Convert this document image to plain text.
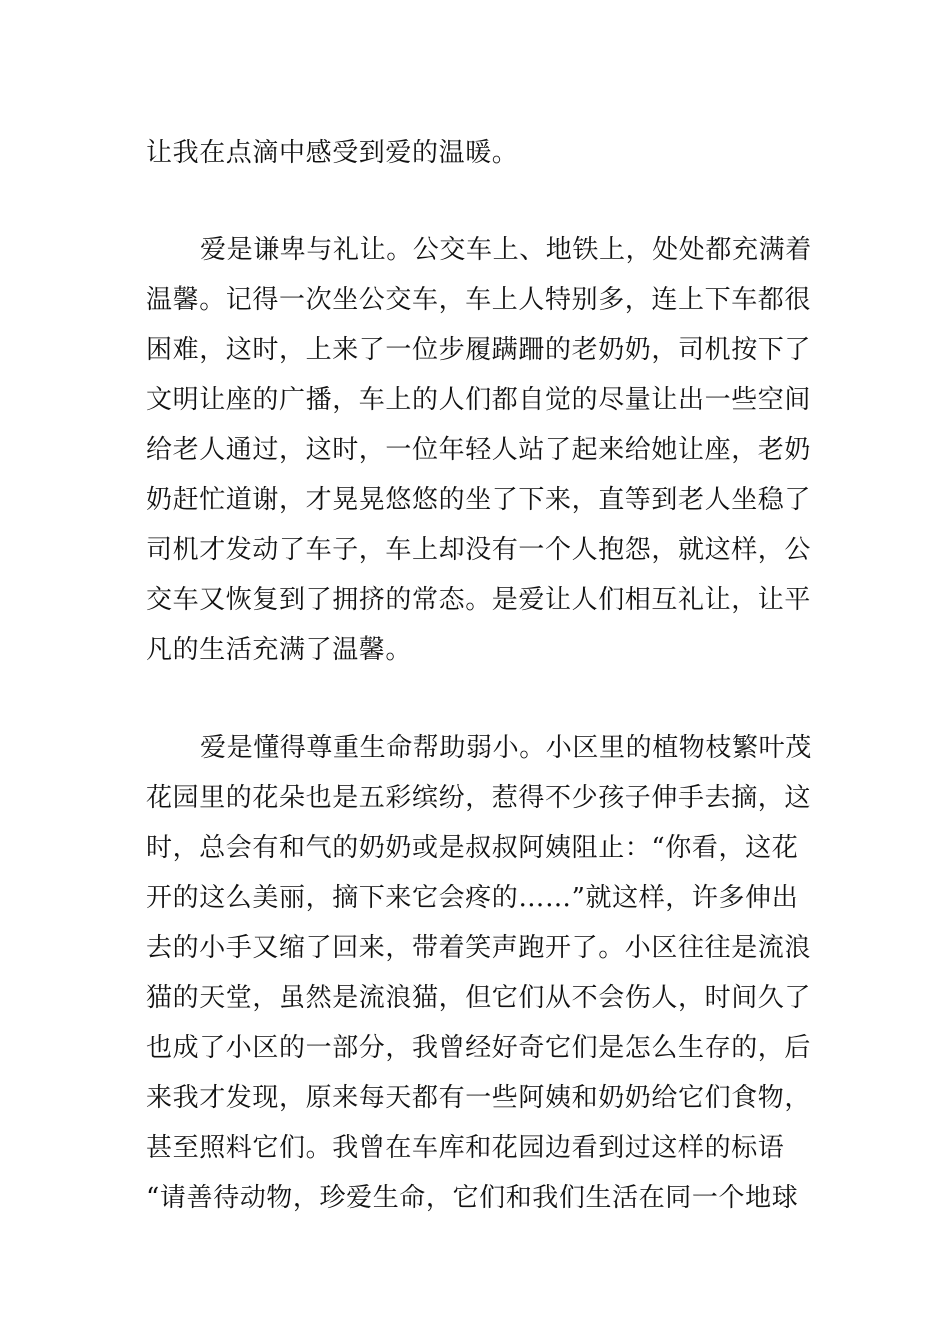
让我在点滴中感受到爱的温暖。
爱是谦卑与礼让。公交车上、地铁上，处处都充满着
温馨。记得一次坐公交车，车上人特别多，连上下车都很
困难，这时，上来了一位步履蹒跚的老奶奶，司机按下了
文明让座的广播，车上的人们都自觉的尽量让出一些空间
给老人通过，这时，一位年轻人站了起来给她让座，老奶
奶赶忙道谢，才晃晃悠悠的坐了下来，直等到老人坐稳了
司机才发动了车子，车上却没有一个人抱怨，就这样，公
交车又恢复到了拥挤的常态。是爱让人们相互礼让，让平
凡的生活充满了温馨。
爱是懂得尊重生命帮助弱小。小区里的植物枝繁叶茂
花园里的花朵也是五彩缤纷，惹得不少孩子伸手去摘，这
时，总会有和气的奶奶或是叔叔阿姨阻止：“你看，这花
开的这么美丽，摘下来它会疼的……”就这样，许多伸出
去的小手又缩了回来，带着笑声跑开了。小区往往是流浪
猫的天堂，虽然是流浪猫，但它们从不会伤人，时间久了
也成了小区的一部分，我曾经好奇它们是怎么生存的，后
来我才发现，原来每天都有一些阿姨和奶奶给它们食物，
甚至照料它们。我曾在车库和花园边看到过这样的标语
“请善待动物，珍爱生命，它们和我们生活在同一个地球
